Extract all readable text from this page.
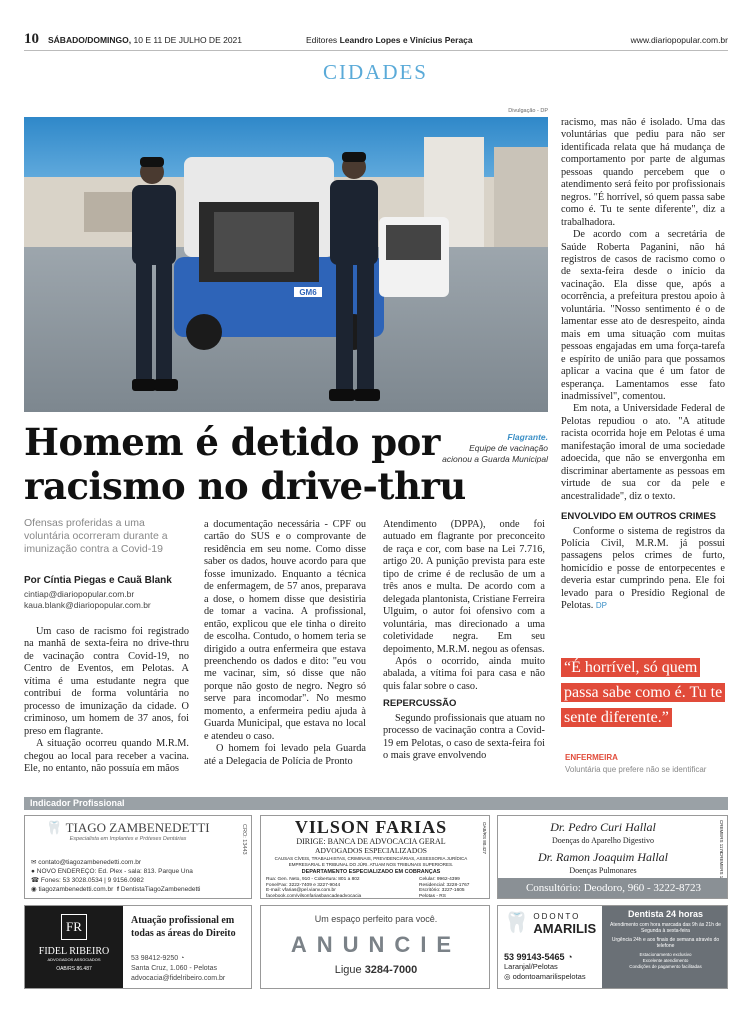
10 SÁBADO/DOMINGO, 10 E 11 DE JULHO DE 2021	Editores Leandro Lopes e Vinícius Peraça	www.diariopopular.com.br
CIDADES
Divulgação - DP
GM6
Homem é detido por racismo no drive-thru
Flagrante.
Equipe de vacinação acionou a Guarda Municipal
Ofensas proferidas a uma voluntária ocorreram durante a imunização contra a Covid-19
Por Cíntia Piegas e Cauã Blank
cintiap@diariopopular.com.br
kaua.blank@diariopopular.com.br

Um caso de racismo foi registrado na manhã de sexta-feira no drive-thru de vacinação contra Covid-19, no Centro de Eventos, em Pelotas. A vítima é uma estudante negra que contribui de forma voluntária no processo de imunização da cidade. O criminoso, um homem de 37 anos, foi preso em flagrante.

A situação ocorreu quando M.R.M. chegou ao local para receber a vacina. Ele, no entanto, não possuía em mãos

a documentação necessária - CPF ou cartão do SUS e o comprovante de residência em seu nome. Como disse saber os dados, houve acordo para que fosse imunizado. Enquanto a técnica de enfermagem, de 57 anos, preparava a dose, o homem disse que desistiria de tomar a vacina. A profissional, então, explicou que ele tinha o direito de escolha. Contudo, o homem teria se dirigido a outra enfermeira que estava preenchendo os dados e dito: "eu vou me vacinar, sim, só disse que não porque não gosto de negro. Negro só serve para incomodar". No mesmo momento, a enfermeira pediu ajuda à Guarda Municipal, que estava no local e atendeu o caso.

O homem foi levado pela Guarda até a Delegacia de Polícia de Pronto

Atendimento (DPPA), onde foi autuado em flagrante por preconceito de raça e cor, com base na Lei 7.716, artigo 20. A punição prevista para este tipo de crime é de reclusão de um a três anos e multa. De acordo com a delegada plantonista, Cristiane Ferreira Ulguim, o autor foi ofensivo com a voluntária, mas direcionado a uma coletividade negra. Em seu depoimento, M.R.M. negou as ofensas.

Após o ocorrido, ainda muito abalada, a vítima foi para casa e não quis falar sobre o caso.

REPERCUSSÃO

Segundo profissionais que atuam no processo de vacinação contra a Covid-19 em Pelotas, o caso de sexta-feira foi o mais grave envolvendo

racismo, mas não é isolado. Uma das voluntárias que pediu para não ser identificada relata que há mudança de comportamento por parte de algumas pessoas quando percebem que o atendimento será feito por profissionais negros. "É horrível, só quem passa sabe como é. Tu te sente diferente", diz a trabalhadora.

De acordo com a secretária de Saúde Roberta Paganini, não há registros de casos de racismo como o de sexta-feira desde o início da vacinação. Ela disse que, após a ocorrência, a prefeitura prestou apoio à voluntária. "Nosso sentimento é o de lamentar esse ato de desrespeito, ainda mais em uma situação com muitas pessoas engajadas em uma força-tarefa e espírito de união para que possamos aplicar a vacina que é um fator de esperança. Lamentamos esse fato inadmissível", comentou.

Em nota, a Universidade Federal de Pelotas repudiou o ato. "A atitude racista ocorrida hoje em Pelotas é uma manifestação imoral de uma sociedade adoecida, que não se envergonha em discriminar abertamente as pessoas em virtude de sua cor da pele e ancestralidade", diz o texto.

ENVOLVIDO EM OUTROS CRIMES

Conforme o sistema de registros da Polícia Civil, M.R.M. já possui passagens pelos crimes de furto, homicídio e posse de entorpecentes e deveria estar cumprindo pena. Ele foi levado para o Presídio Regional de Pelotas. DP

“É horrível, só quem passa sabe como é. Tu te sente diferente.”
ENFERMEIRA
Voluntária que prefere não se identificar
Indicador Profissional
🦷 TIAGO ZAMBENEDETTI
Especialista em Implantes e Próteses Dentárias	CRO: 13443
✉ contato@tiagozambenedetti.com.br
● NOVO ENDEREÇO: Ed. Plex - sala: 813. Parque Una
☎ Fones: 53 3028.0534 | 9 9156.0982
◉ tiagozambenedetti.com.br f DentistaTiagoZambenedetti
VILSON FARIAS
DIRIGE: BANCA DE ADVOCACIA GERAL
ADVOGADOS ESPECIALIZADOS
CAUSAS CÍVEIS, TRABALHISTAS, CRIMINAIS, PREVIDENCIÁRIAS, ASSESSORIA JURÍDICA EMPRESARIAL E TRIBUNAL DO JÚRI. ATUAM NOS TRIBUNAIS SUPERIORES.
DEPARTAMENTO ESPECIALIZADO EM COBRANÇAS
OAB/RS 80.427
Rua: Gen. Neto, 910 - Cobertura: 801 a 802
Fone/Fax: 3222-7409 e 3227-9044
E-mail: vfarias@pel.vianv.com.br
facebook.com/vilsonfariasbancadeadvocacia
Celular: 9962-4399
Residencial: 3228-1767
Escritório: 3227-1605
Pelotas - RS
Dr. Pedro Curi Hallal
Doenças do Aparelho Digestivo
Dr. Ramon Joaquim Hallal
Doenças Pulmonares
CREMERS 1176
CREMERS 1
Consultório: Deodoro, 960 - 3222-8723
FR
FIDEL RIBEIRO
ADVOGADOS ASSOCIADOS
OAB/RS 86.487
Atuação profissional em todas as áreas do Direito
53 98412-9250 ◔
Santa Cruz, 1.060 - Pelotas
advocacia@fidelribeiro.com.br
Um espaço perfeito para você.
ANUNCIE
Ligue 3284-7000
🦷 ODONTO
AMARILIS
53 99143-5465 ◔
Laranjal/Pelotas
◎ odontoamarilispelotas
Dentista 24 horas
Atendimento com hora marcada das 9h às 21h de Segunda à sexta-feira
Urgência 24h e aos finais de semana através do telefone
Estacionamento exclusivo
Excelente atendimento
Condições de pagamento facilitadas
